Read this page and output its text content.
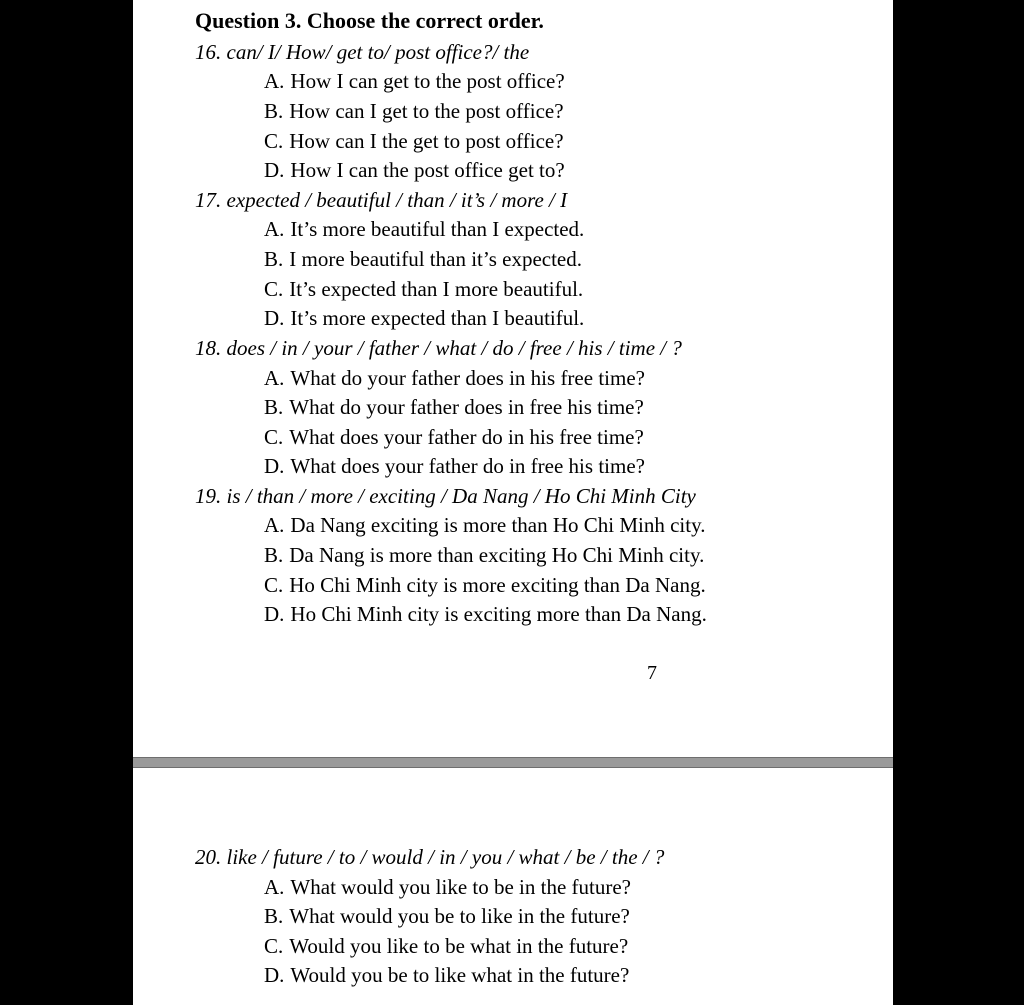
Question 3. Choose the correct order.
16. can/ I/ How/ get to/ post office?/ the
A. How I can get to the post office?
B. How can I get to the post office?
C. How can I the get to post office?
D. How I can the post office get to?
17. expected / beautiful / than / it’s / more / I
A. It’s more beautiful than I expected.
B. I more beautiful than it’s expected.
C. It’s expected than I more beautiful.
D. It’s more expected than I beautiful.
18. does / in / your / father / what / do / free / his / time / ?
A. What do your father does in his free time?
B. What do your father does in free his time?
C. What does your father do in his free time?
D. What does your father do in free his time?
19. is / than / more / exciting / Da Nang / Ho Chi Minh City
A. Da Nang exciting is more than Ho Chi Minh city.
B. Da Nang is more than exciting Ho Chi Minh city.
C. Ho Chi Minh city is more exciting than Da Nang.
D. Ho Chi Minh city is exciting more than Da Nang.
7
20. like / future / to / would / in / you / what / be / the / ?
A. What would you like to be in the future?
B. What would you be to like in the future?
C. Would you like to be what in the future?
D. Would you be to like what in the future?
